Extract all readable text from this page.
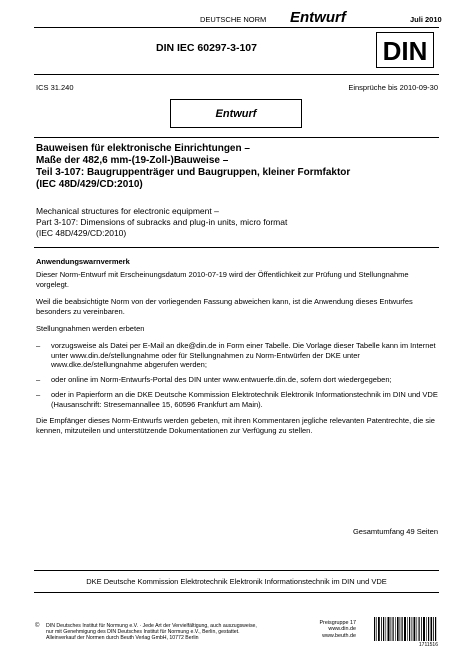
DEUTSCHE NORM Entwurf	Juli 2010
DIN IEC 60297-3-107	DIN
ICS 31.240	Einsprüche bis 2010-09-30
Entwurf
Bauweisen für elektronische Einrichtungen –
Maße der 482,6 mm-(19-Zoll-)Bauweise –
Teil 3-107: Baugruppenträger und Baugruppen, kleiner Formfaktor
(IEC 48D/429/CD:2010)
Mechanical structures for electronic equipment –
Part 3-107: Dimensions of subracks and plug-in units, micro format
(IEC 48D/429/CD:2010)
Anwendungswarnvermerk
Dieser Norm-Entwurf mit Erscheinungsdatum 2010-07-19 wird der Öffentlichkeit zur Prüfung und Stellungnahme vorgelegt.
Weil die beabsichtigte Norm von der vorliegenden Fassung abweichen kann, ist die Anwendung dieses Entwurfes besonders zu vereinbaren.
Stellungnahmen werden erbeten
– vorzugsweise als Datei per E-Mail an dke@din.de in Form einer Tabelle. Die Vorlage dieser Tabelle kann im Internet unter www.din.de/stellungnahme oder für Stellungnahmen zu Norm-Entwürfen der DKE unter www.dke.de/stellungnahme abgerufen werden;
– oder online im Norm-Entwurfs-Portal des DIN unter www.entwuerfe.din.de, sofern dort wiedergegeben;
– oder in Papierform an die DKE Deutsche Kommission Elektrotechnik Elektronik Informationstechnik im DIN und VDE (Hausanschrift: Stresemannallee 15, 60596 Frankfurt am Main).
Die Empfänger dieses Norm-Entwurfs werden gebeten, mit ihren Kommentaren jegliche relevanten Patentrechte, die sie kennen, mitzuteilen und unterstützende Dokumentationen zur Verfügung zu stellen.
Gesamtumfang 49 Seiten
DKE Deutsche Kommission Elektrotechnik Elektronik Informationstechnik im DIN und VDE
© DIN Deutsches Institut für Normung e.V. · Jede Art der Vervielfältigung, auch auszugsweise,
nur mit Genehmigung des DIN Deutsches Institut für Normung e.V., Berlin, gestattet.
Alleinverkauf der Normen durch Beuth Verlag GmbH, 10772 Berlin
Preisgruppe 17
www.din.de
www.beuth.de
1711516
